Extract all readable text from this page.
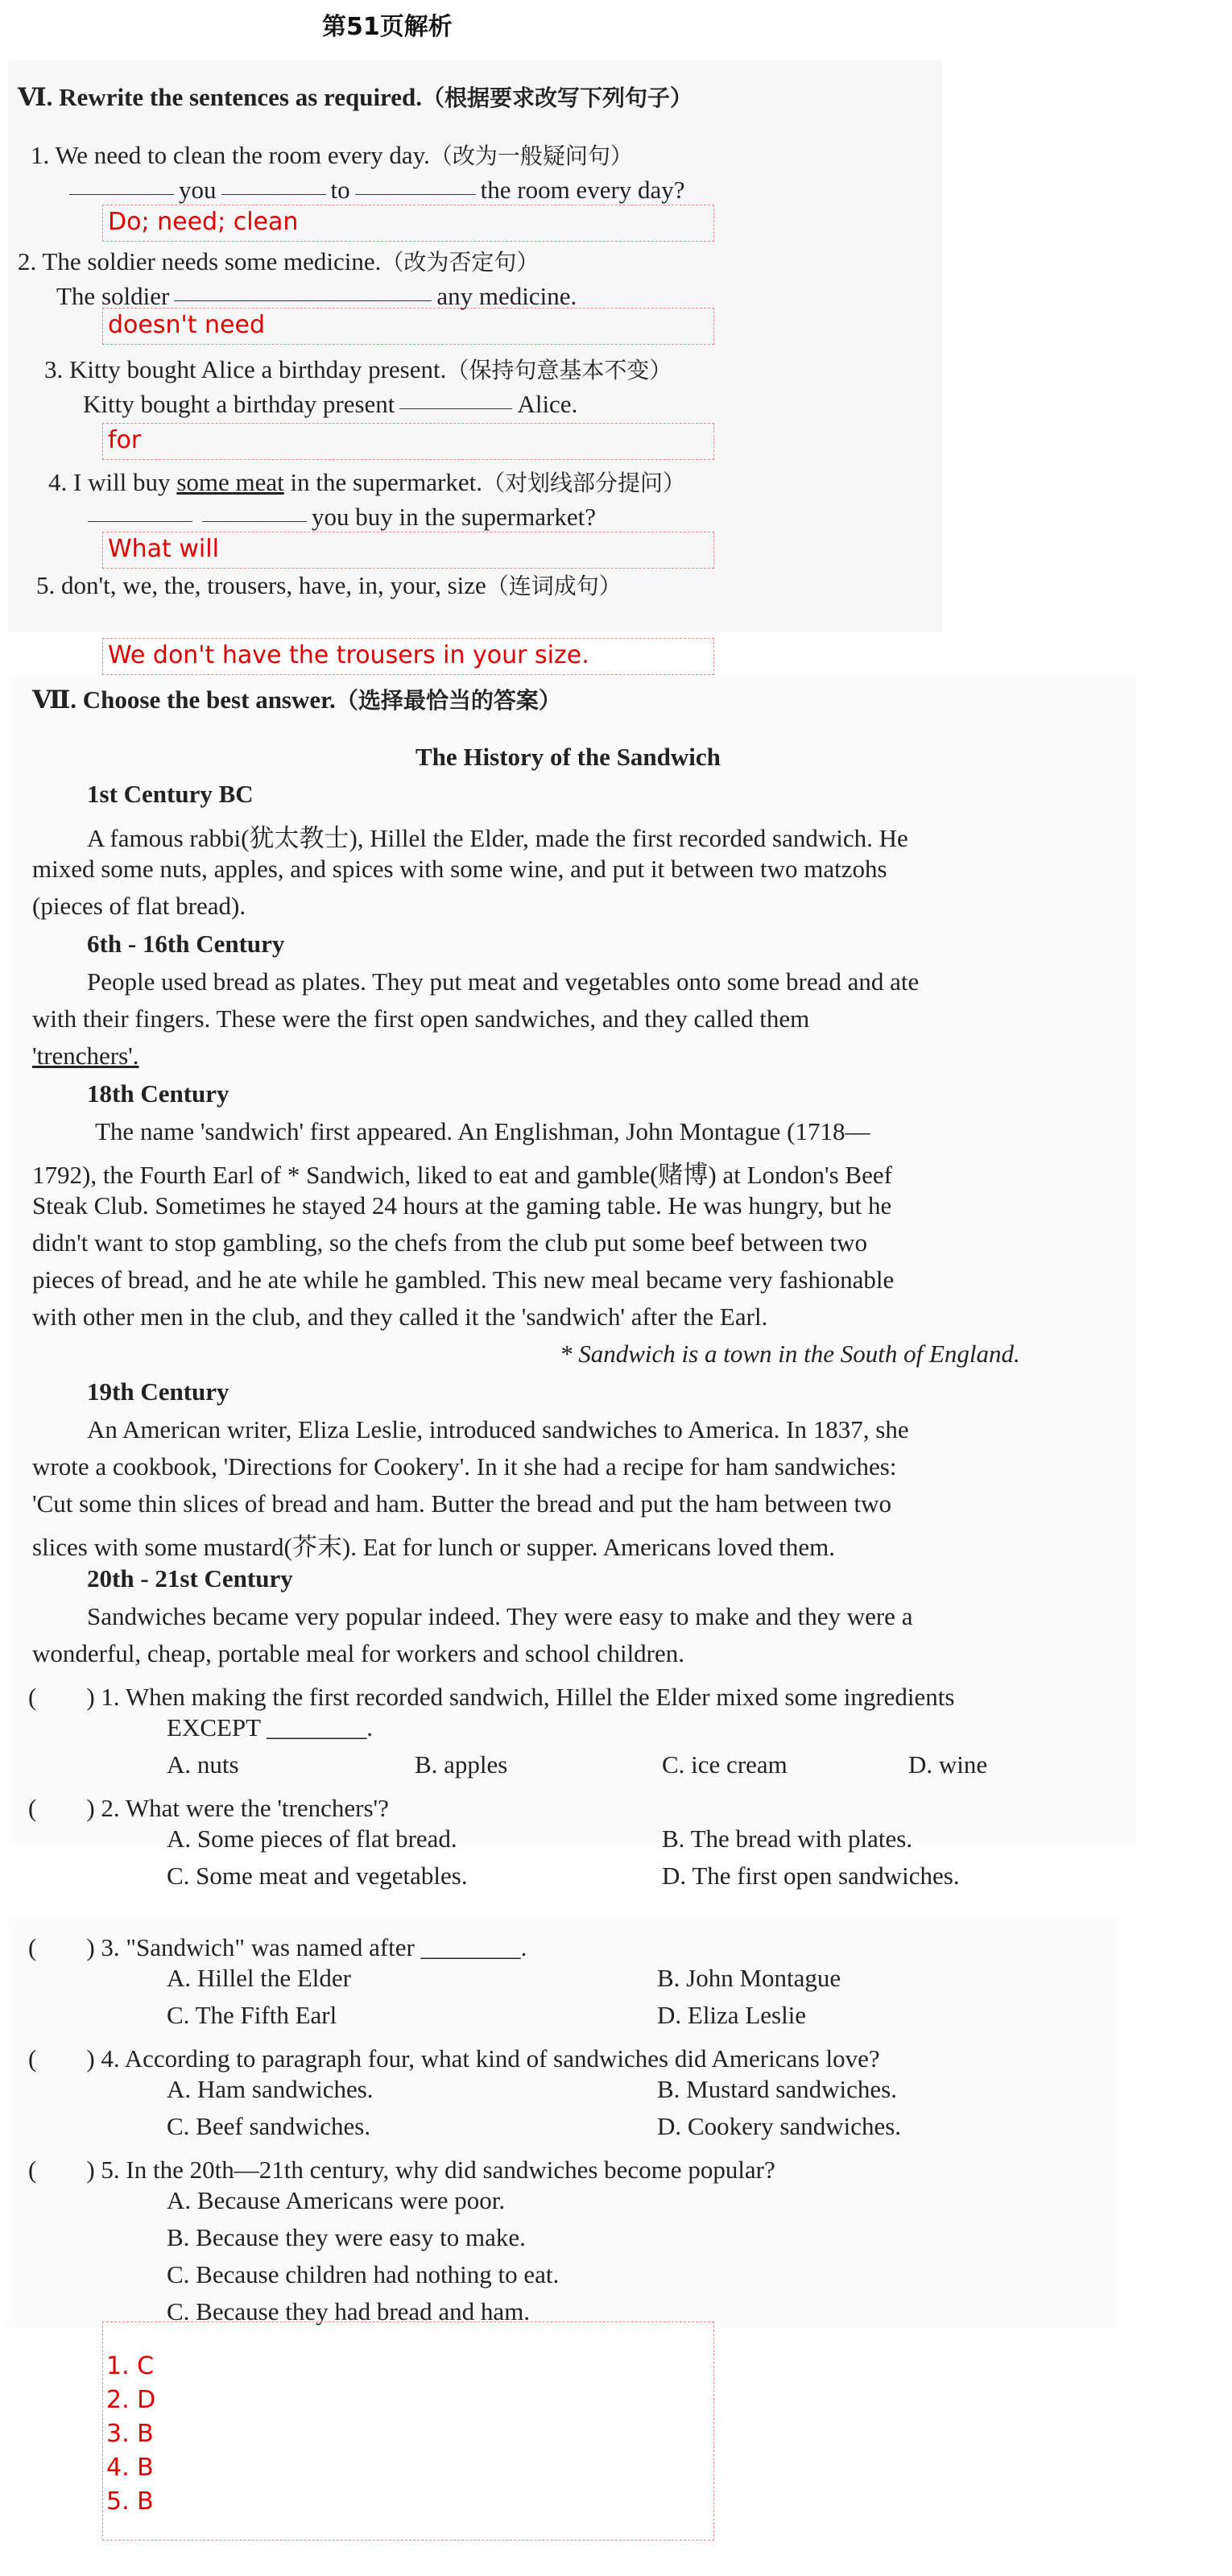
第51页解析
Ⅵ. Rewrite the sentences as required.（根据要求改写下列句子）
1. We need to clean the room every day.（改为一般疑问句）
you	to	the room every day?
Do; need; clean
2. The soldier needs some medicine.（改为否定句）
The soldier	any medicine.
doesn't need
3. Kitty bought Alice a birthday present.（保持句意基本不变）
Kitty bought a birthday present	Alice.
for
4. I will buy some meat in the supermarket.（对划线部分提问）
you buy in the supermarket?
What will
5. don't, we, the, trousers, have, in, your, size（连词成句）
We don't have the trousers in your size.
Ⅶ. Choose the best answer.（选择最恰当的答案）
The History of the Sandwich
1st Century BC
A famous rabbi(犹太教士), Hillel the Elder, made the first recorded sandwich. He
mixed some nuts, apples, and spices with some wine, and put it between two matzohs
(pieces of flat bread).
6th - 16th Century
People used bread as plates. They put meat and vegetables onto some bread and ate
with their fingers. These were the first open sandwiches, and they called them
'trenchers'.
18th Century
The name 'sandwich' first appeared. An Englishman, John Montague (1718—
1792), the Fourth Earl of * Sandwich, liked to eat and gamble(赌博) at London's Beef
Steak Club. Sometimes he stayed 24 hours at the gaming table. He was hungry, but he
didn't want to stop gambling, so the chefs from the club put some beef between two
pieces of bread, and he ate while he gambled. This new meal became very fashionable
with other men in the club, and they called it the 'sandwich' after the Earl.
* Sandwich is a town in the South of England.
19th Century
An American writer, Eliza Leslie, introduced sandwiches to America. In 1837, she
wrote a cookbook, 'Directions for Cookery'. In it she had a recipe for ham sandwiches:
'Cut some thin slices of bread and ham. Butter the bread and put the ham between two
slices with some mustard(芥末). Eat for lunch or supper. Americans loved them.
20th - 21st Century
Sandwiches became very popular indeed. They were easy to make and they were a
wonderful, cheap, portable meal for workers and school children.
(　　) 1. When making the first recorded sandwich, Hillel the Elder mixed some ingredients
EXCEPT ________.
A. nuts	B. apples	C. ice cream	D. wine
(　　) 2. What were the 'trenchers'?
A. Some pieces of flat bread.	B. The bread with plates.
C. Some meat and vegetables.	D. The first open sandwiches.
(　　) 3. "Sandwich" was named after ________.
A. Hillel the Elder	B. John Montague
C. The Fifth Earl	D. Eliza Leslie
(　　) 4. According to paragraph four, what kind of sandwiches did Americans love?
A. Ham sandwiches.	B. Mustard sandwiches.
C. Beef sandwiches.	D. Cookery sandwiches.
(　　) 5. In the 20th—21th century, why did sandwiches become popular?
A. Because Americans were poor.
B. Because they were easy to make.
C. Because children had nothing to eat.
C. Because they had bread and ham.
1. C
2. D
3. B
4. B
5. B
